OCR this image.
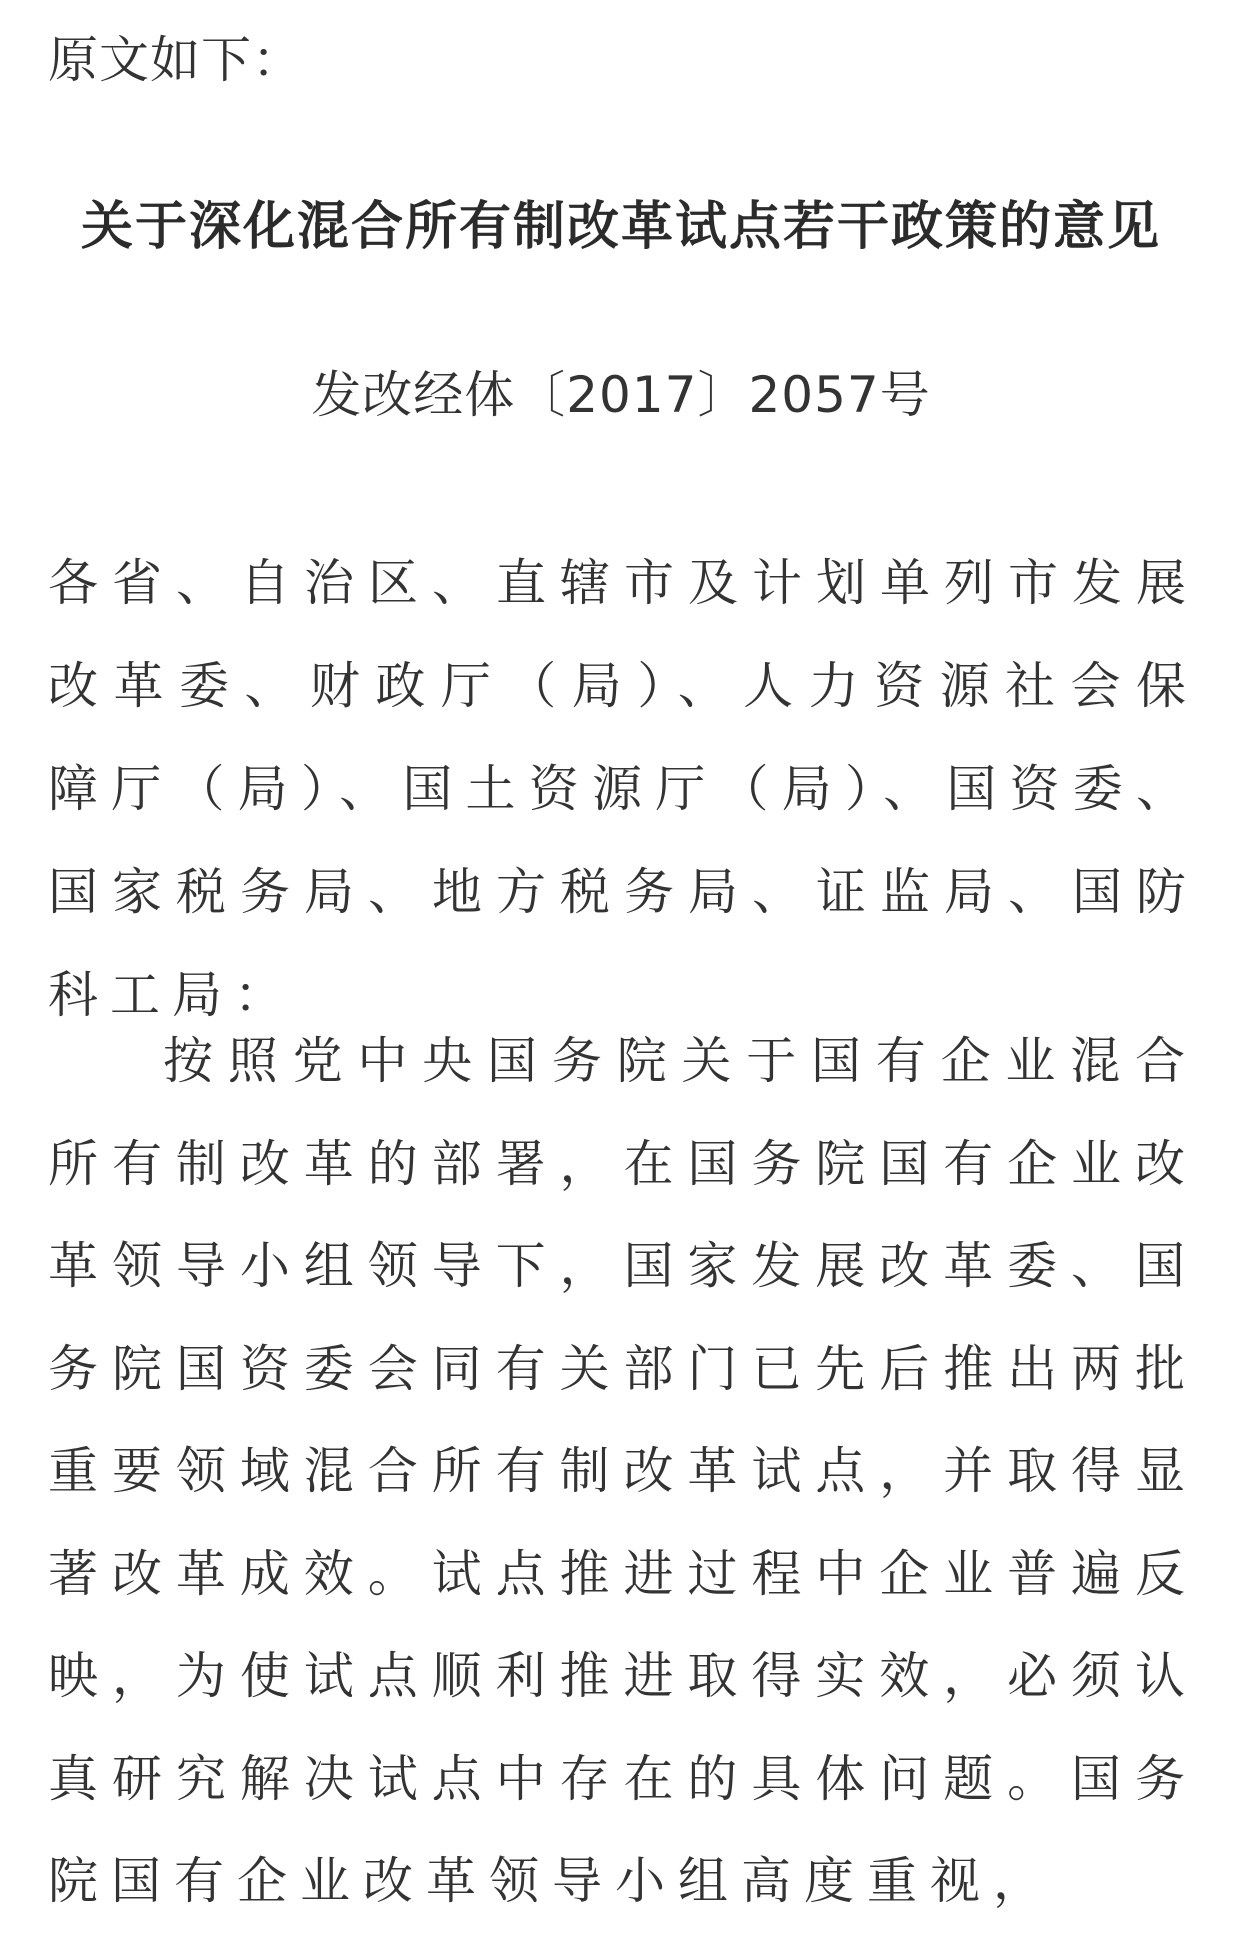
原文如下：
关于深化混合所有制改革试点若干政策的意见
发改经体〔2017〕2057号
各省、自治区、直辖市及计划单列市发展改革委、财政厅（局）、人力资源社会保障厅（局）、国土资源厅（局）、国资委、国家税务局、地方税务局、证监局、国防科工局：
按照党中央国务院关于国有企业混合所有制改革的部署，在国务院国有企业改革领导小组领导下，国家发展改革委、国务院国资委会同有关部门已先后推出两批重要领域混合所有制改革试点，并取得显著改革成效。试点推进过程中企业普遍反映，为使试点顺利推进取得实效，必须认真研究解决试点中存在的具体问题。国务院国有企业改革领导小组高度重视，
